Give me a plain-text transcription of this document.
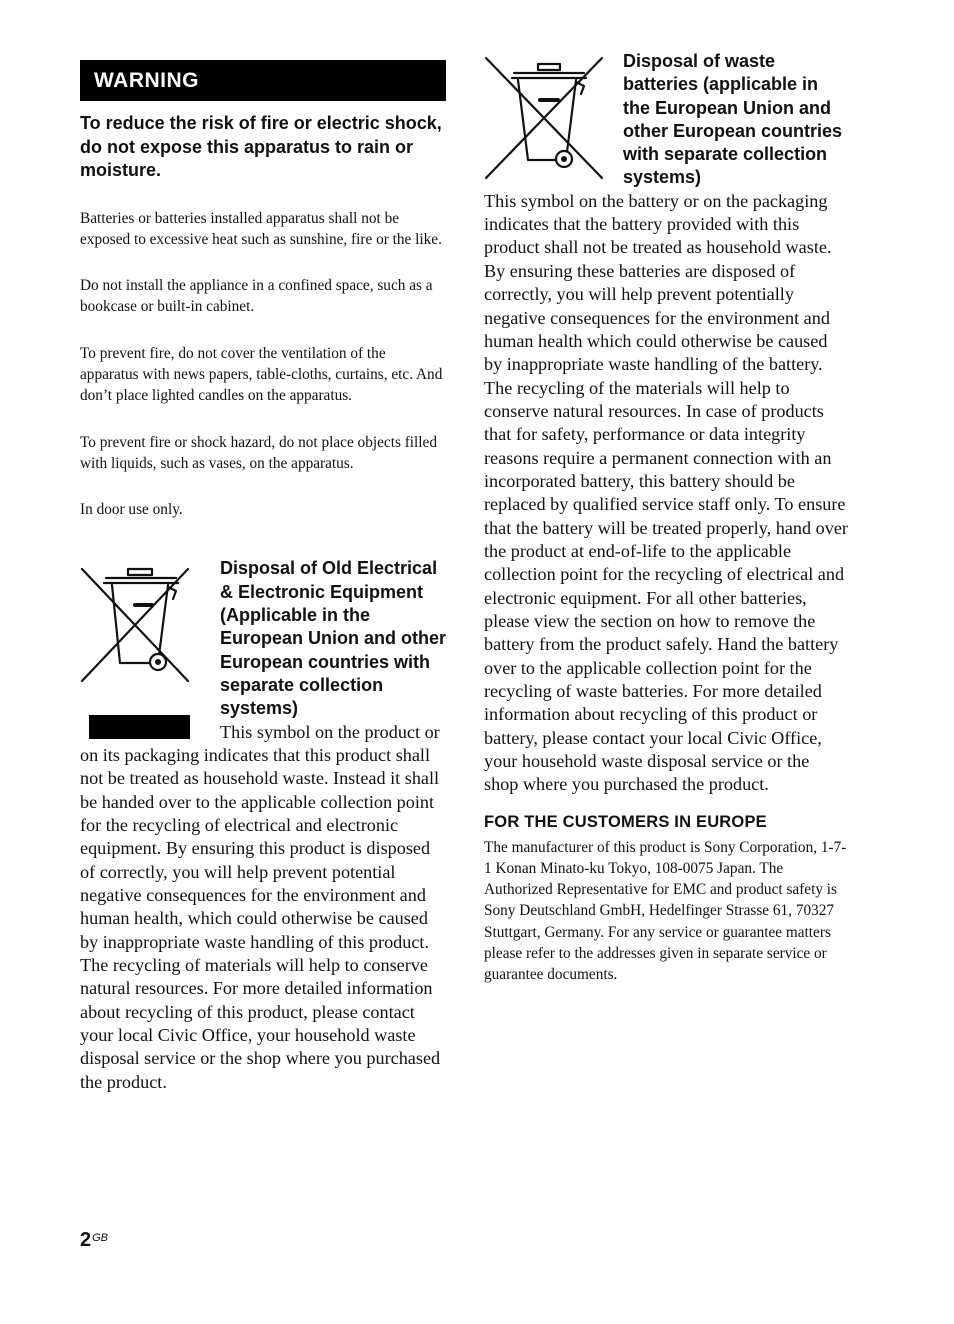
WARNING

To reduce the risk of fire or electric shock, do not expose this apparatus to rain or moisture.

Batteries or batteries installed apparatus shall not be exposed to excessive heat such as sunshine, fire or the like.

Do not install the appliance in a confined space, such as a bookcase or built-in cabinet.

To prevent fire, do not cover the ventilation of the apparatus with news papers, table-cloths, curtains, etc. And don’t place lighted candles on the apparatus.

To prevent fire or shock hazard, do not place objects filled with liquids, such as vases, on the apparatus.

In door use only.

Disposal of Old Electrical & Electronic Equipment (Applicable in the European Union and other European countries with separate collection systems)

This symbol on the product or on its packaging indicates that this product shall not be treated as household waste. Instead it shall be handed over to the applicable collection point for the recycling of electrical and electronic equipment. By ensuring this product is disposed of correctly, you will help prevent potential negative consequences for the environment and human health, which could otherwise be caused by inappropriate waste handling of this product. The recycling of materials will help to conserve natural resources. For more detailed information about recycling of this product, please contact your local Civic Office, your household waste disposal service or the shop where you purchased the product.

Disposal of waste batteries (applicable in the European Union and other European countries with separate collection systems)

This symbol on the battery or on the packaging indicates that the battery provided with this product shall not be treated as household waste. By ensuring these batteries are disposed of correctly, you will help prevent potentially negative consequences for the environment and human health which could otherwise be caused by inappropriate waste handling of the battery. The recycling of the materials will help to conserve natural resources. In case of products that for safety, performance or data integrity reasons require a permanent connection with an incorporated battery, this battery should be replaced by qualified service staff only. To ensure that the battery will be treated properly, hand over the product at end-of-life to the applicable collection point for the recycling of electrical and electronic equipment. For all other batteries, please view the section on how to remove the battery from the product safely. Hand the battery over to the applicable collection point for the recycling of waste batteries. For more detailed information about recycling of this product or battery, please contact your local Civic Office, your household waste disposal service or the shop where you purchased the product.

FOR THE CUSTOMERS IN EUROPE

The manufacturer of this product is Sony Corporation, 1-7-1 Konan Minato-ku Tokyo, 108-0075 Japan. The Authorized Representative for EMC and product safety is Sony Deutschland GmbH, Hedelfinger Strasse 61, 70327 Stuttgart, Germany. For any service or guarantee matters please refer to the addresses given in separate service or guarantee documents.

$2^{GB}$
